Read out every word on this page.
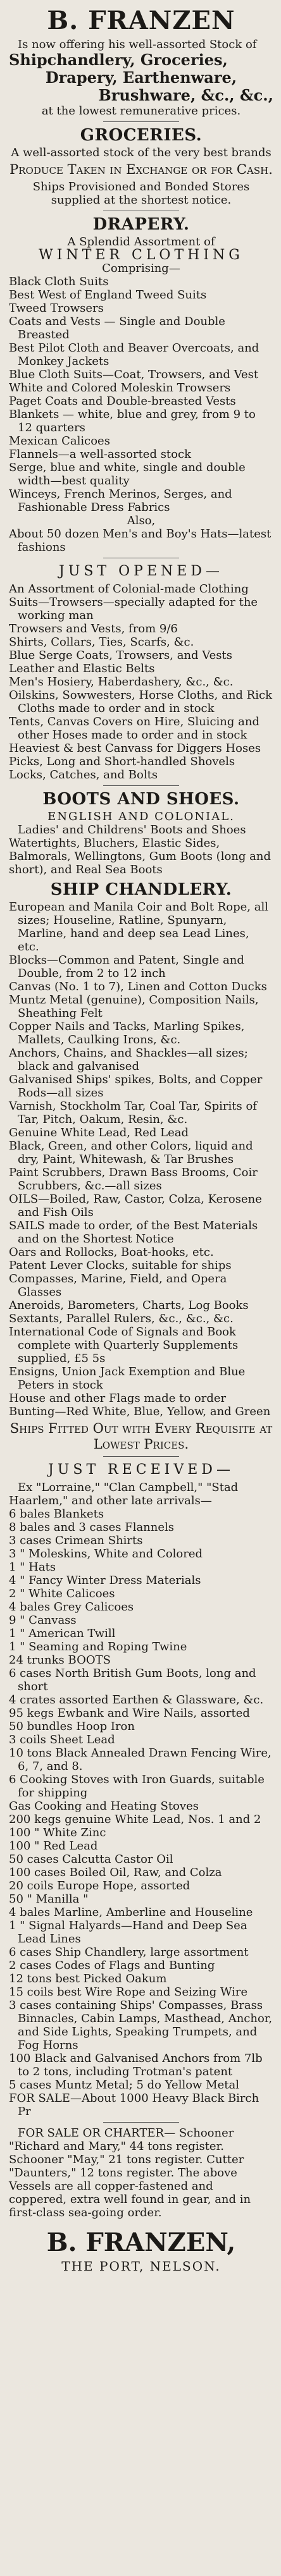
B. FRANZEN

Is now offering his well-assorted Stock of

Shipchandlery, Groceries,

Drapery, Earthenware,

Brushware, &c., &c.,

at the lowest remunerative prices.

GROCERIES.

A well-assorted stock of the very best brands

Produce Taken in Exchange or for Cash.

Ships Provisioned and Bonded Stores supplied at the shortest notice.

DRAPERY.

A Splendid Assortment of

WINTER CLOTHING

Comprising—

Black Cloth Suits

Best West of England Tweed Suits

Tweed Trowsers

Coats and Vests — Single and Double Breasted

Best Pilot Cloth and Beaver Overcoats, and Monkey Jackets

Blue Cloth Suits—Coat, Trowsers, and Vest

White and Colored Moleskin Trowsers

Paget Coats and Double-breasted Vests

Blankets — white, blue and grey, from 9 to 12 quarters

Mexican Calicoes

Flannels—a well-assorted stock

Serge, blue and white, single and double width—best quality

Winceys, French Merinos, Serges, and Fashionable Dress Fabrics

Also,

About 50 dozen Men's and Boy's Hats—latest fashions

JUST OPENED—

An Assortment of Colonial-made Clothing

Suits—Trowsers—specially adapted for the working man

Trowsers and Vests, from 9/6

Shirts, Collars, Ties, Scarfs, &c.

Blue Serge Coats, Trowsers, and Vests

Leather and Elastic Belts

Men's Hosiery, Haberdashery, &c., &c.

Oilskins, Sowwesters, Horse Cloths, and Rick Cloths made to order and in stock

Tents, Canvas Covers on Hire, Sluicing and other Hoses made to order and in stock

Heaviest & best Canvass for Diggers Hoses

Picks, Long and Short-handled Shovels

Locks, Catches, and Bolts

BOOTS AND SHOES.

ENGLISH AND COLONIAL.

Ladies' and Childrens' Boots and Shoes Watertights, Bluchers, Elastic Sides, Balmorals, Wellingtons, Gum Boots (long and short), and Real Sea Boots

SHIP CHANDLERY.

European and Manila Coir and Bolt Rope, all sizes; Houseline, Ratline, Spunyarn, Marline, hand and deep sea Lead Lines, etc.

Blocks—Common and Patent, Single and Double, from 2 to 12 inch

Canvas (No. 1 to 7), Linen and Cotton Ducks

Muntz Metal (genuine), Composition Nails, Sheathing Felt

Copper Nails and Tacks, Marling Spikes, Mallets, Caulking Irons, &c.

Anchors, Chains, and Shackles—all sizes; black and galvanised

Galvanised Ships' spikes, Bolts, and Copper Rods—all sizes

Varnish, Stockholm Tar, Coal Tar, Spirits of Tar, Pitch, Oakum, Resin, &c.

Genuine White Lead, Red Lead

Black, Green, and other Colors, liquid and dry, Paint, Whitewash, & Tar Brushes

Paint Scrubbers, Drawn Bass Brooms, Coir Scrubbers, &c.—all sizes

OILS—Boiled, Raw, Castor, Colza, Kerosene and Fish Oils

SAILS made to order, of the Best Materials and on the Shortest Notice

Oars and Rollocks, Boat-hooks, etc.

Patent Lever Clocks, suitable for ships

Compasses, Marine, Field, and Opera Glasses

Aneroids, Barometers, Charts, Log Books

Sextants, Parallel Rulers, &c., &c., &c.

International Code of Signals and Book complete with Quarterly Supplements supplied, £5 5s

Ensigns, Union Jack Exemption and Blue Peters in stock

House and other Flags made to order

Bunting—Red White, Blue, Yellow, and Green

Ships Fitted Out with Every Requisite at Lowest Prices.

JUST RECEIVED—

Ex "Lorraine," "Clan Campbell," "Stad Haarlem," and other late arrivals—

6 bales Blankets

8 bales and 3 cases Flannels

3 cases Crimean Shirts

3 " Moleskins, White and Colored

1 " Hats

4 " Fancy Winter Dress Materials

2 " White Calicoes

4 bales Grey Calicoes

9 " Canvass

1 " American Twill

1 " Seaming and Roping Twine

24 trunks BOOTS

6 cases North British Gum Boots, long and short

4 crates assorted Earthen & Glassware, &c.

95 kegs Ewbank and Wire Nails, assorted

50 bundles Hoop Iron

3 coils Sheet Lead

10 tons Black Annealed Drawn Fencing Wire, 6, 7, and 8.

6 Cooking Stoves with Iron Guards, suitable for shipping

Gas Cooking and Heating Stoves

200 kegs genuine White Lead, Nos. 1 and 2

100 " White Zinc

100 " Red Lead

50 cases Calcutta Castor Oil

100 cases Boiled Oil, Raw, and Colza

20 coils Europe Hope, assorted

50 " Manilla "

4 bales Marline, Amberline and Houseline

1 " Signal Halyards—Hand and Deep Sea Lead Lines

6 cases Ship Chandlery, large assortment

2 cases Codes of Flags and Bunting

12 tons best Picked Oakum

15 coils best Wire Rope and Seizing Wire

3 cases containing Ships' Compasses, Brass Binnacles, Cabin Lamps, Masthead, Anchor, and Side Lights, Speaking Trumpets, and Fog Horns

100 Black and Galvanised Anchors from 7lb to 2 tons, including Trotman's patent

5 cases Muntz Metal; 5 do Yellow Metal

FOR SALE—About 1000 Heavy Black Birch Pr

FOR SALE OR CHARTER— Schooner "Richard and Mary," 44 tons register. Schooner "May," 21 tons register. Cutter "Daunters," 12 tons register. The above Vessels are all copper-fastened and coppered, extra well found in gear, and in first-class sea-going order.

B. FRANZEN,
THE PORT, NELSON.
